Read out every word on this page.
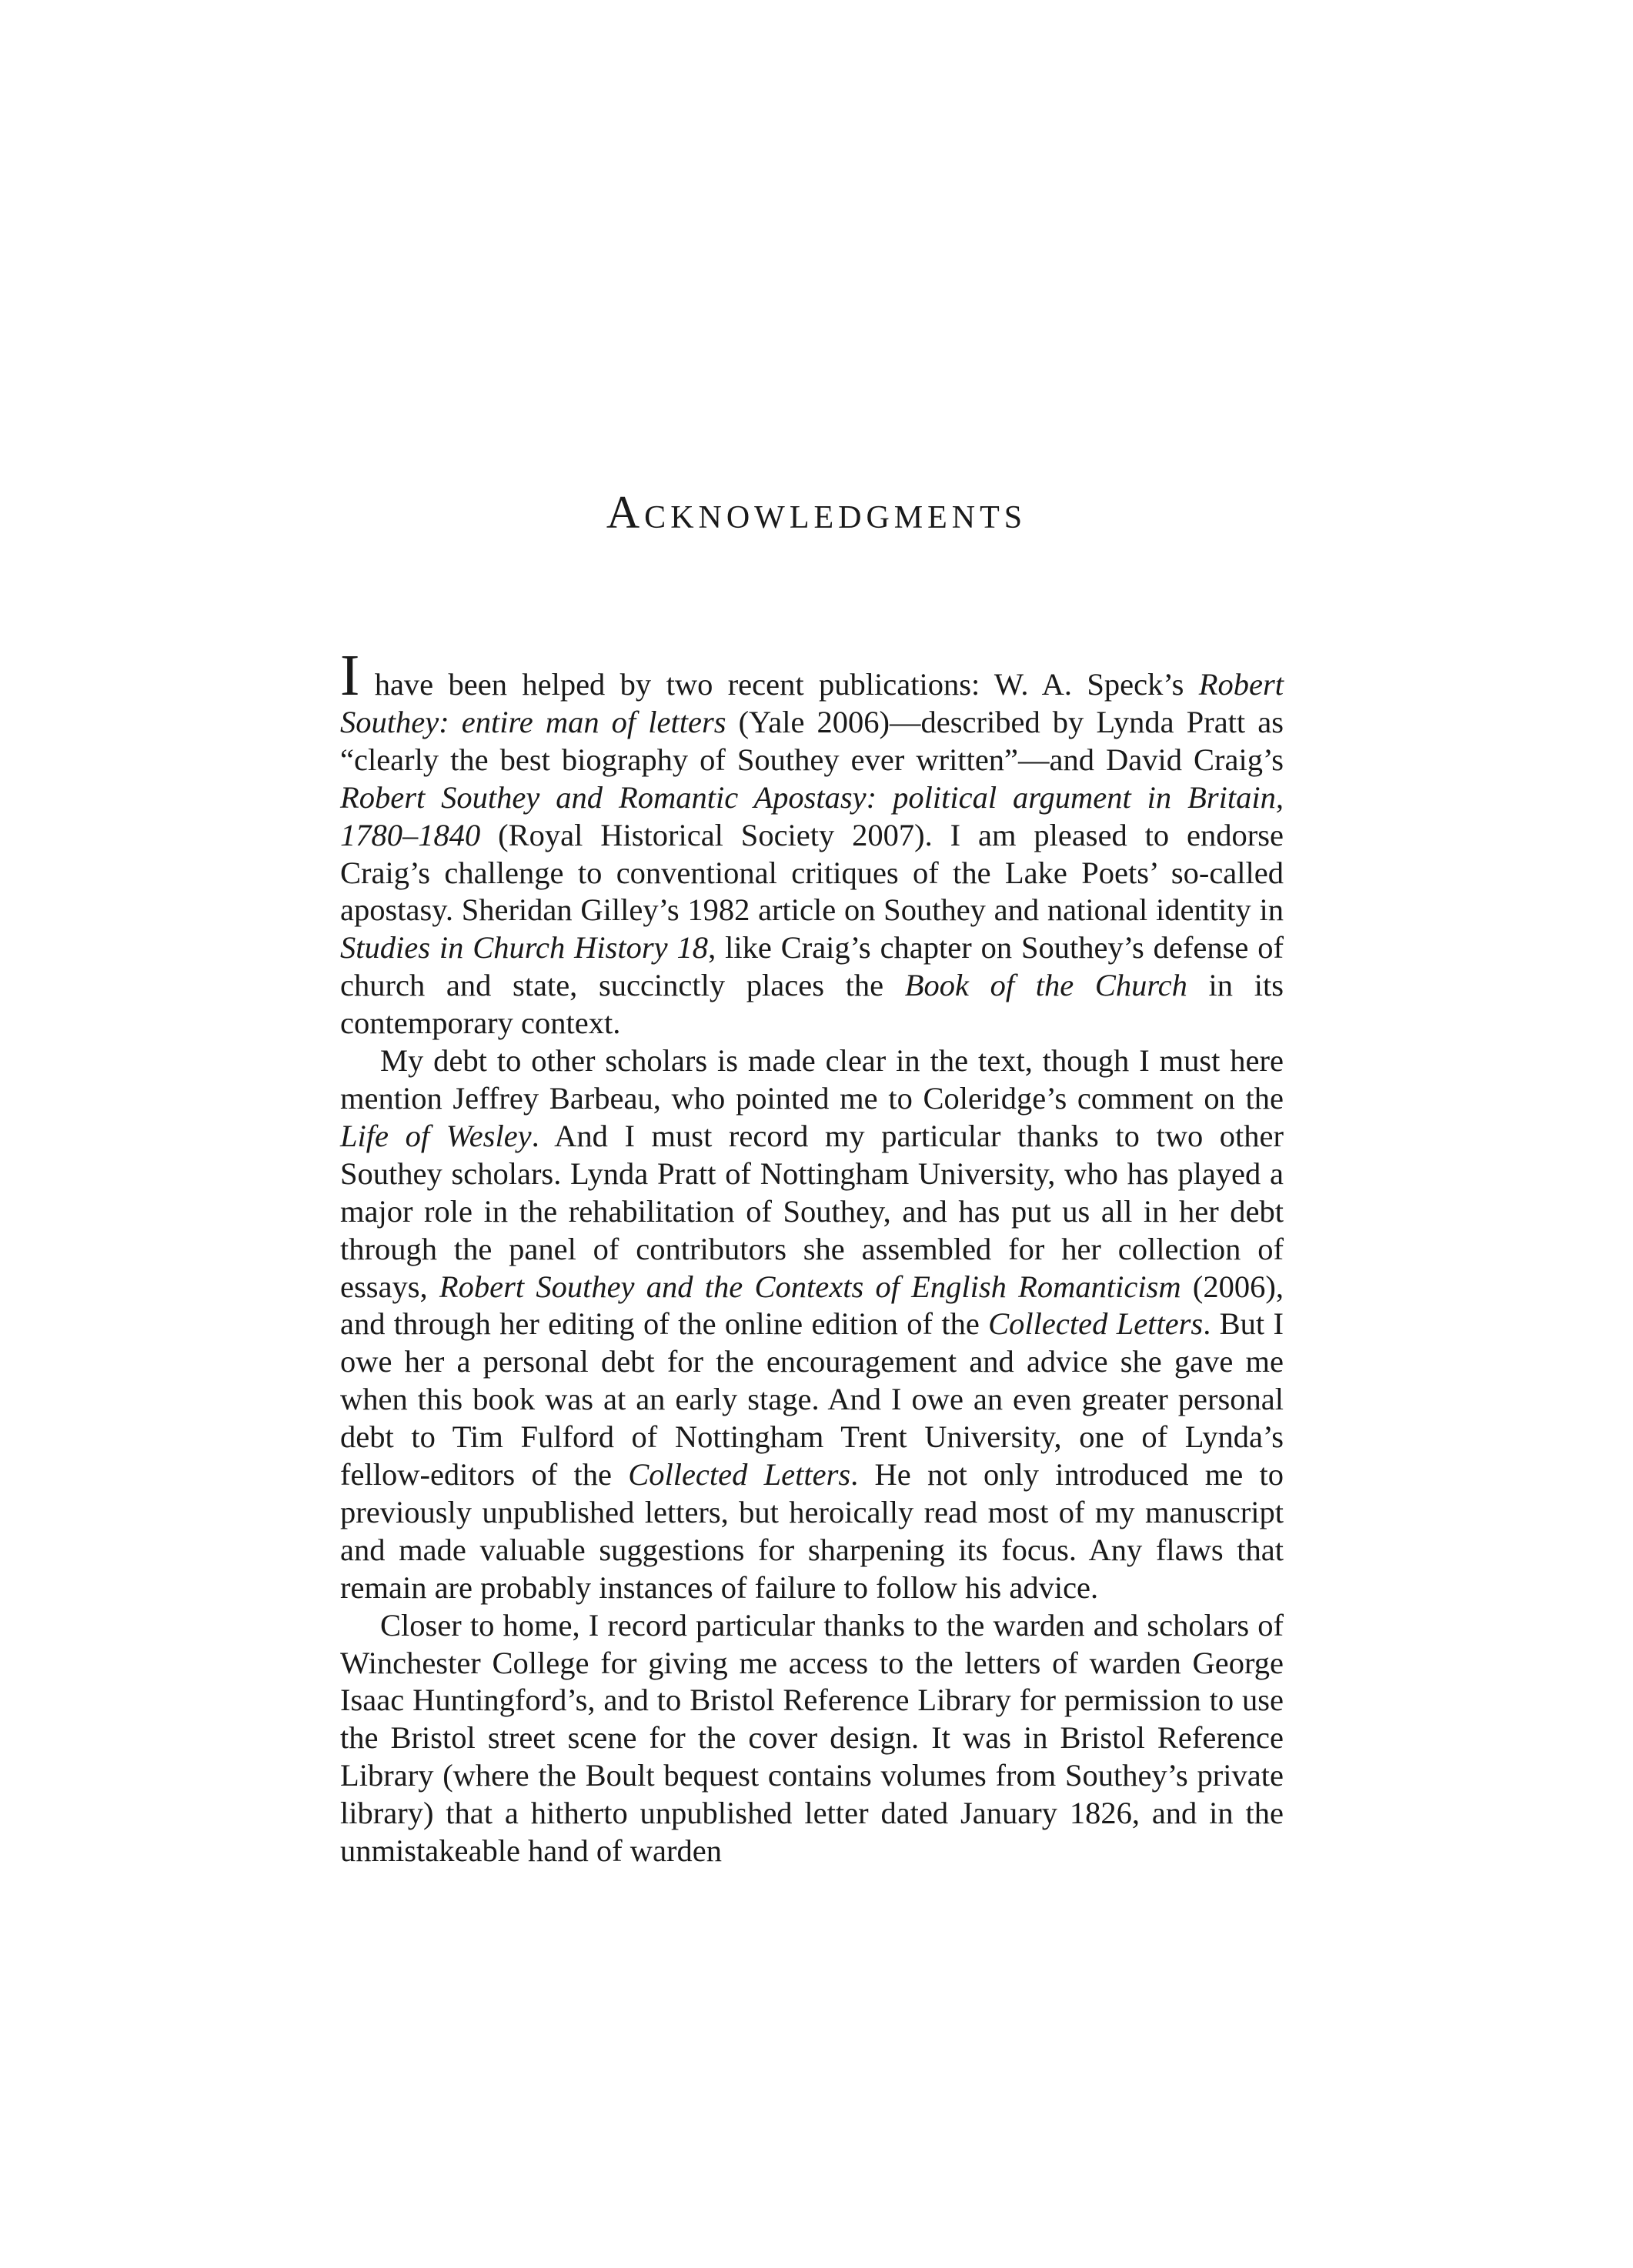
Acknowledgments

I have been helped by two recent publications: W. A. Speck’s Robert Southey: entire man of letters (Yale 2006)—described by Lynda Pratt as “clearly the best biography of Southey ever written”—and David Craig’s Robert Southey and Romantic Apostasy: political argument in Britain, 1780–1840 (Royal Historical Society 2007). I am pleased to endorse Craig’s challenge to conventional critiques of the Lake Poets’ so-called apostasy. Sheridan Gilley’s 1982 article on Southey and national identity in Studies in Church History 18, like Craig’s chapter on Southey’s defense of church and state, succinctly places the Book of the Church in its contemporary context.

My debt to other scholars is made clear in the text, though I must here mention Jeffrey Barbeau, who pointed me to Coleridge’s comment on the Life of Wesley. And I must record my particular thanks to two other Southey scholars. Lynda Pratt of Nottingham University, who has played a major role in the rehabilitation of Southey, and has put us all in her debt through the panel of contributors she assembled for her collection of essays, Robert Southey and the Contexts of English Romanticism (2006), and through her editing of the online edition of the Collected Letters. But I owe her a personal debt for the encouragement and advice she gave me when this book was at an early stage. And I owe an even greater personal debt to Tim Fulford of Nottingham Trent University, one of Lynda’s fellow-editors of the Collected Letters. He not only introduced me to previously unpublished letters, but heroically read most of my manuscript and made valuable suggestions for sharpening its focus. Any flaws that remain are probably instances of failure to follow his advice.

Closer to home, I record particular thanks to the warden and scholars of Winchester College for giving me access to the letters of warden George Isaac Huntingford’s, and to Bristol Reference Library for permission to use the Bristol street scene for the cover design. It was in Bristol Reference Library (where the Boult bequest contains volumes from Southey’s private library) that a hitherto unpublished letter dated January 1826, and in the unmistakeable hand of warden
